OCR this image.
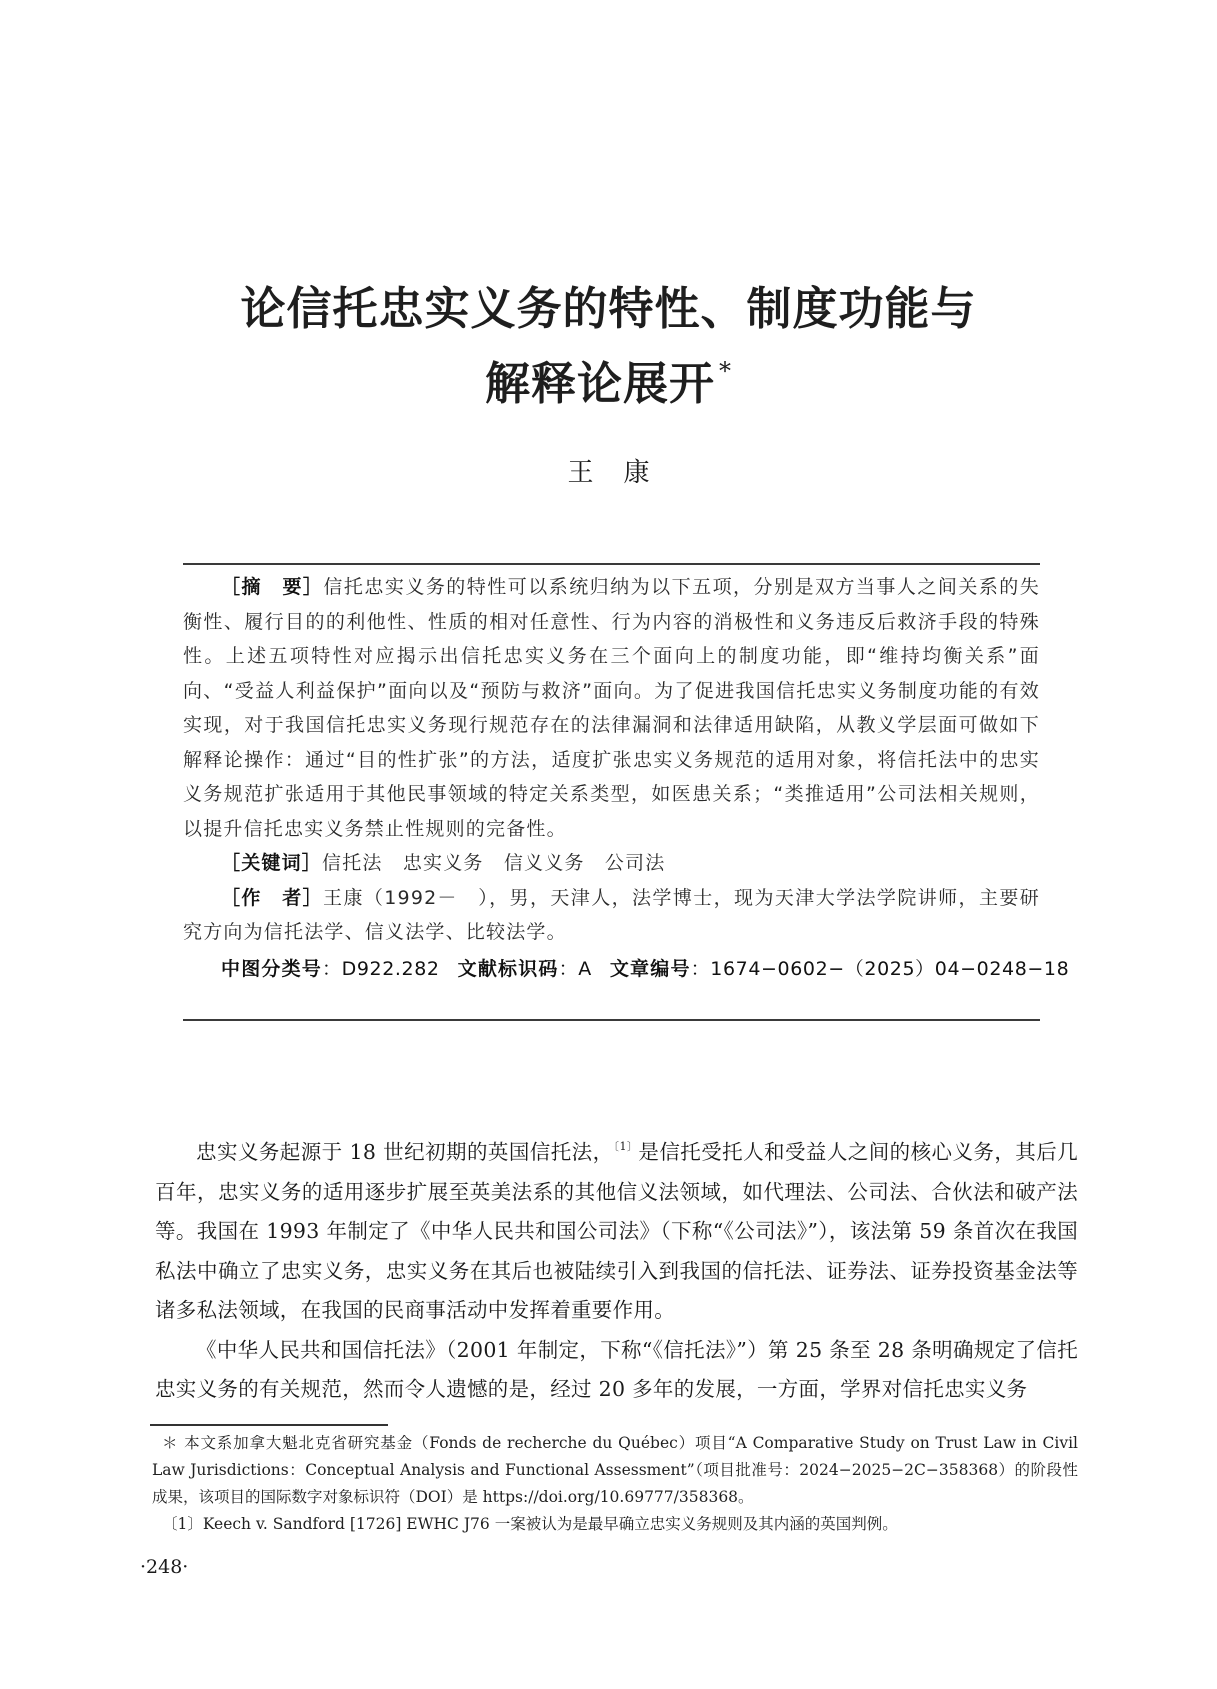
论信托忠实义务的特性、制度功能与
解释论展开 *
王康

［摘　要］信托忠实义务的特性可以系统归纳为以下五项，分别是双方当事人之间关系的失衡性、履行目的的利他性、性质的相对任意性、行为内容的消极性和义务违反后救济手段的特殊性。上述五项特性对应揭示出信托忠实义务在三个面向上的制度功能，即“维持均衡关系”面向、“受益人利益保护”面向以及“预防与救济”面向。为了促进我国信托忠实义务制度功能的有效实现，对于我国信托忠实义务现行规范存在的法律漏洞和法律适用缺陷，从教义学层面可做如下解释论操作：通过“目的性扩张”的方法，适度扩张忠实义务规范的适用对象，将信托法中的忠实义务规范扩张适用于其他民事领域的特定关系类型，如医患关系；“类推适用”公司法相关规则，以提升信托忠实义务禁止性规则的完备性。

［关键词］信托法　 忠实义务　 信义义务　 公司法

［作　者］王康（1992－　），男，天津人，法学博士，现为天津大学法学院讲师，主要研究方向为信托法学、信义法学、比较法学。

中图分类号：D922.282 文献标识码：A 文章编号：1674−0602−（2025）04−0248−18

忠实义务起源于 18 世纪初期的英国信托法，$^{〔1〕}$是信托受托人和受益人之间的核心义务，其后几百年，忠实义务的适用逐步扩展至英美法系的其他信义法领域，如代理法、公司法、合伙法和破产法等。我国在 1993 年制定了《中华人民共和国公司法》（下称“《公司法》”），该法第 59 条首次在我国私法中确立了忠实义务，忠实义务在其后也被陆续引入到我国的信托法、证券法、证券投资基金法等诸多私法领域，在我国的民商事活动中发挥着重要作用。

《中华人民共和国信托法》（2001 年制定，下称“《信托法》”）第 25 条至 28 条明确规定了信托忠实义务的有关规范，然而令人遗憾的是，经过 20 多年的发展，一方面，学界对信托忠实义务

＊ 本文系加拿大魁北克省研究基金（Fonds de recherche du Québec）项目“A Comparative Study on Trust Law in Civil Law Jurisdictions：Conceptual Analysis and Functional Assessment”（项目批准号：2024−2025−2C−358368）的阶段性成果，该项目的国际数字对象标识符（DOI）是 https://doi.org/10.69777/358368。

〔1〕Keech v. Sandford [1726] EWHC J76 一案被认为是最早确立忠实义务规则及其内涵的英国判例。

·248·
